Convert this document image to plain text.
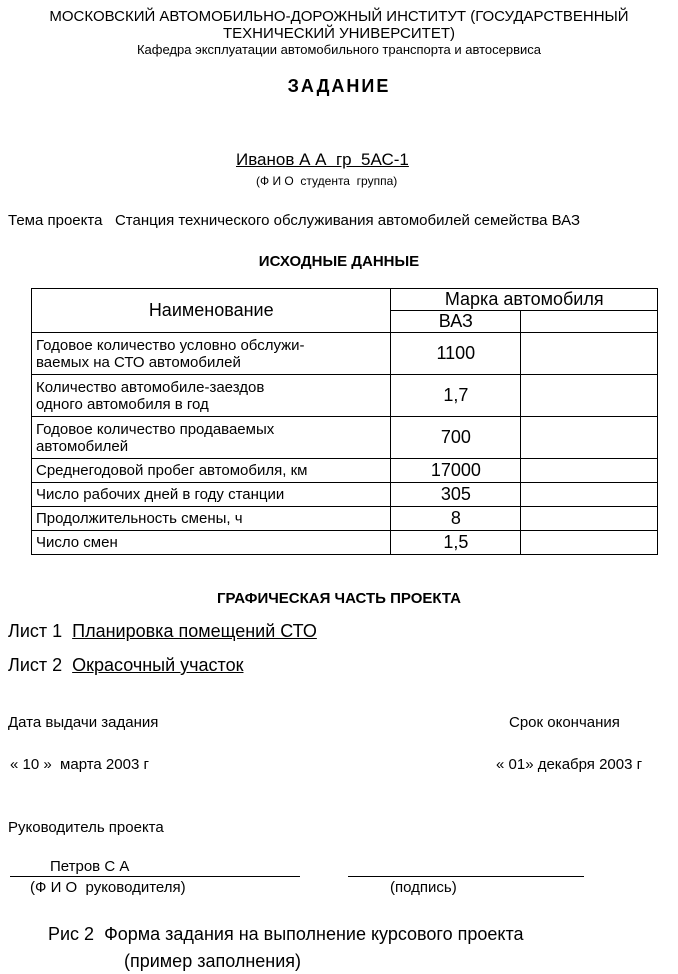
МОСКОВСКИЙ АВТОМОБИЛЬНО-ДОРОЖНЫЙ ИНСТИТУТ (ГОСУДАРСТВЕННЫЙ
ТЕХНИЧЕСКИЙ УНИВЕРСИТЕТ)
Кафедра эксплуатации автомобильного транспорта и автосервиса
ЗАДАНИЕ
Иванов А А  гр  5АС-1
(Ф И О  студента  группа)
Тема проекта Станция технического обслуживания автомобилей семейства ВАЗ
ИСХОДНЫЕ ДАННЫЕ
Наименование	Марка автомобиля	
	ВАЗ	

Годовое количество условно обслужи-
ваемых на СТО автомобилей	1100	

Количество автомобиле-заездов
одного автомобиля в год	1,7	

Годовое количество продаваемых
автомобилей	700	
Среднегодовой пробег автомобиля, км	17000	
Число рабочих дней в году станции	305	
Продолжительность смены, ч	8	
Число смен	1,5	
ГРАФИЧЕСКАЯ ЧАСТЬ ПРОЕКТА
Лист 1 Планировка помещений СТО
Лист 2 Окрасочный участок
Дата выдачи задания
« 10 »  марта 2003 г
Срок окончания
« 01» декабря 2003 г
Руководитель проекта
Петров С А
(Ф И О  руководителя)	(подпись)
Рис 2  Форма задания на выполнение курсового проекта
(пример заполнения)
